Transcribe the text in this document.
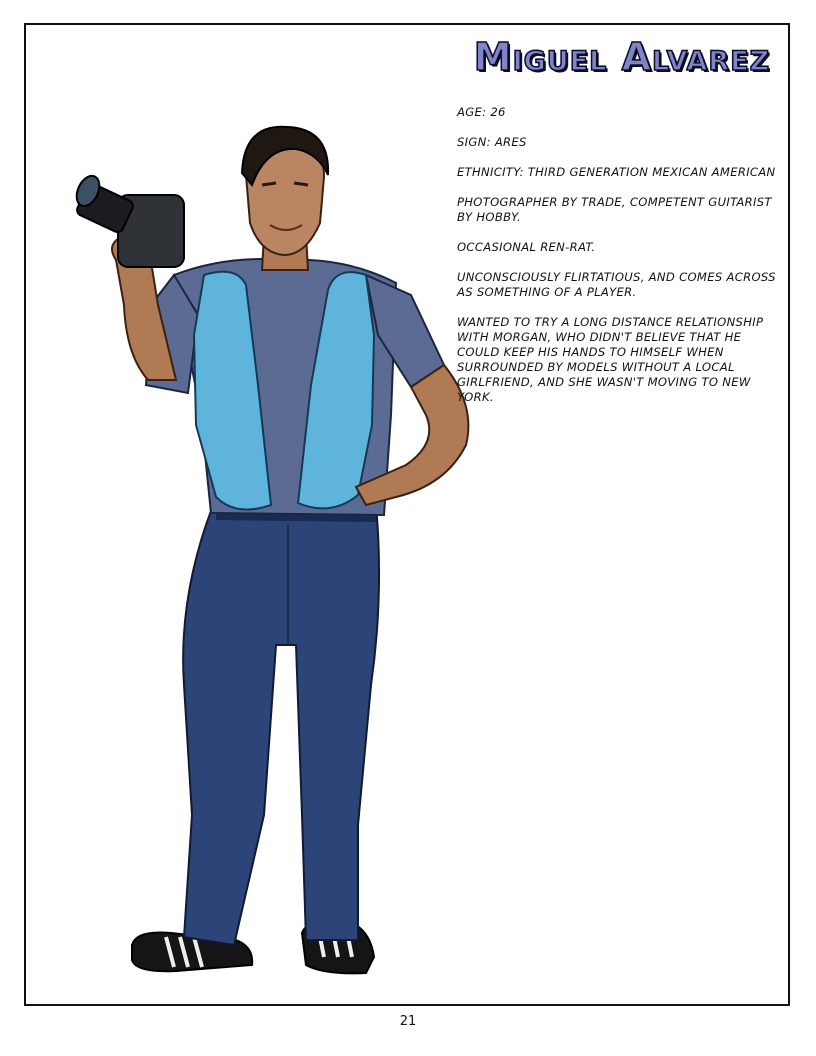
Miguel Alvarez

AGE: 26

SIGN: ARES

ETHNICITY: THIRD GENERATION MEXICAN AMERICAN

PHOTOGRAPHER BY TRADE, COMPETENT GUITARIST BY HOBBY.

OCCASIONAL REN-RAT.

UNCONSCIOUSLY FLIRTATIOUS, AND COMES ACROSS AS SOMETHING OF A PLAYER.

WANTED TO TRY A LONG DISTANCE RELATIONSHIP WITH MORGAN, WHO DIDN'T BELIEVE THAT HE COULD KEEP HIS HANDS TO HIMSELF WHEN SURROUNDED BY MODELS WITHOUT A LOCAL GIRLFRIEND, AND SHE WASN'T MOVING TO NEW YORK.

21
